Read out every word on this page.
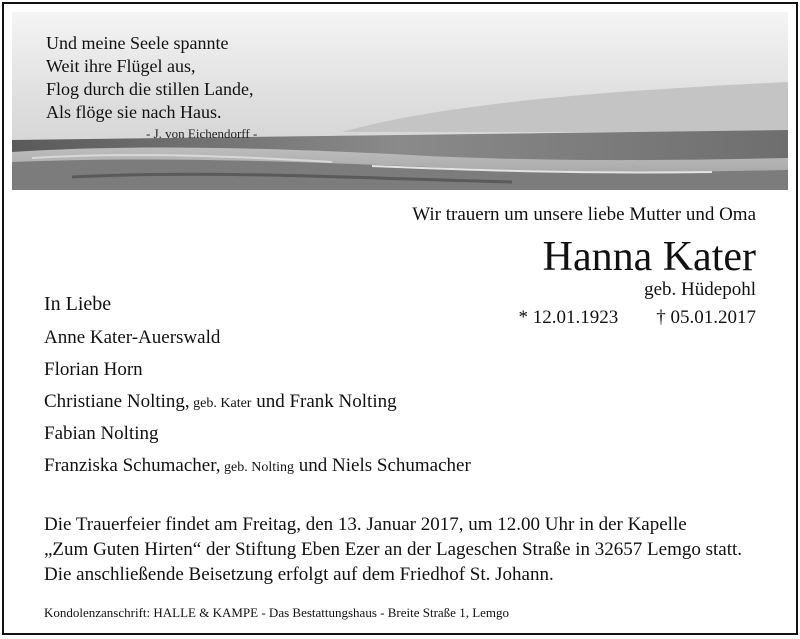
Und meine Seele spannte
Weit ihre Flügel aus,
Flog durch die stillen Lande,
Als flöge sie nach Haus.
- J. von Eichendorff -
Wir trauern um unsere liebe Mutter und Oma
Hanna Kater
geb. Hüdepohl
* 12.01.1923 † 05.01.2017
In Liebe
Anne Kater-Auerswald
Florian Horn
Christiane Nolting, geb. Kater und Frank Nolting
Fabian Nolting
Franziska Schumacher, geb. Nolting und Niels Schumacher
Die Trauerfeier findet am Freitag, den 13. Januar 2017, um 12.00 Uhr in der Kapelle
„Zum Guten Hirten“ der Stiftung Eben Ezer an der Lageschen Straße in 32657 Lemgo statt.
Die anschließende Beisetzung erfolgt auf dem Friedhof St. Johann.
Kondolenzanschrift: HALLE & KAMPE - Das Bestattungshaus - Breite Straße 1, Lemgo
